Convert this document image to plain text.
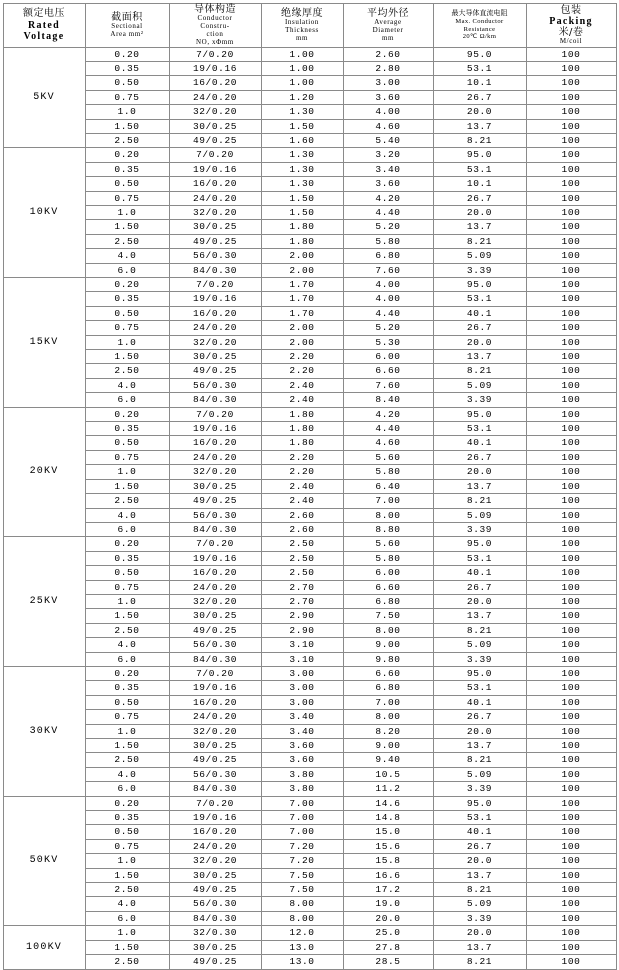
额定电压
Rated
Voltage	截面积
Sectional
Area mm²	导体构造
Conductor
Constru-
ction
NO, xΦmm	绝缘厚度
Insulation
Thickness
mm	平均外径
Average
Diameter
mm	最大导体直流电阻
Max. Conductor
Resistance
20℃ Ω/km	包装
Packing
米/卷
M/coil

5KV	0.20	7/0.20	1.00	2.60	95.0	100
	0.35	19/0.16	1.00	2.80	53.1	100
	0.50	16/0.20	1.00	3.00	10.1	100
	0.75	24/0.20	1.20	3.60	26.7	100
	1.0	32/0.20	1.30	4.00	20.0	100
	1.50	30/0.25	1.50	4.60	13.7	100
	2.50	49/0.25	1.60	5.40	8.21	100
10KV	0.20	7/0.20	1.30	3.20	95.0	100
	0.35	19/0.16	1.30	3.40	53.1	100
	0.50	16/0.20	1.30	3.60	10.1	100
	0.75	24/0.20	1.50	4.20	26.7	100
	1.0	32/0.20	1.50	4.40	20.0	100
	1.50	30/0.25	1.80	5.20	13.7	100
	2.50	49/0.25	1.80	5.80	8.21	100
	4.0	56/0.30	2.00	6.80	5.09	100
	6.0	84/0.30	2.00	7.60	3.39	100
15KV	0.20	7/0.20	1.70	4.00	95.0	100
	0.35	19/0.16	1.70	4.00	53.1	100
	0.50	16/0.20	1.70	4.40	40.1	100
	0.75	24/0.20	2.00	5.20	26.7	100
	1.0	32/0.20	2.00	5.30	20.0	100
	1.50	30/0.25	2.20	6.00	13.7	100
	2.50	49/0.25	2.20	6.60	8.21	100
	4.0	56/0.30	2.40	7.60	5.09	100
	6.0	84/0.30	2.40	8.40	3.39	100
20KV	0.20	7/0.20	1.80	4.20	95.0	100
	0.35	19/0.16	1.80	4.40	53.1	100
	0.50	16/0.20	1.80	4.60	40.1	100
	0.75	24/0.20	2.20	5.60	26.7	100
	1.0	32/0.20	2.20	5.80	20.0	100
	1.50	30/0.25	2.40	6.40	13.7	100
	2.50	49/0.25	2.40	7.00	8.21	100
	4.0	56/0.30	2.60	8.00	5.09	100
	6.0	84/0.30	2.60	8.80	3.39	100
25KV	0.20	7/0.20	2.50	5.60	95.0	100
	0.35	19/0.16	2.50	5.80	53.1	100
	0.50	16/0.20	2.50	6.00	40.1	100
	0.75	24/0.20	2.70	6.60	26.7	100
	1.0	32/0.20	2.70	6.80	20.0	100
	1.50	30/0.25	2.90	7.50	13.7	100
	2.50	49/0.25	2.90	8.00	8.21	100
	4.0	56/0.30	3.10	9.00	5.09	100
	6.0	84/0.30	3.10	9.80	3.39	100
30KV	0.20	7/0.20	3.00	6.60	95.0	100
	0.35	19/0.16	3.00	6.80	53.1	100
	0.50	16/0.20	3.00	7.00	40.1	100
	0.75	24/0.20	3.40	8.00	26.7	100
	1.0	32/0.20	3.40	8.20	20.0	100
	1.50	30/0.25	3.60	9.00	13.7	100
	2.50	49/0.25	3.60	9.40	8.21	100
	4.0	56/0.30	3.80	10.5	5.09	100
	6.0	84/0.30	3.80	11.2	3.39	100
50KV	0.20	7/0.20	7.00	14.6	95.0	100
	0.35	19/0.16	7.00	14.8	53.1	100
	0.50	16/0.20	7.00	15.0	40.1	100
	0.75	24/0.20	7.20	15.6	26.7	100
	1.0	32/0.20	7.20	15.8	20.0	100
	1.50	30/0.25	7.50	16.6	13.7	100
	2.50	49/0.25	7.50	17.2	8.21	100
	4.0	56/0.30	8.00	19.0	5.09	100
	6.0	84/0.30	8.00	20.0	3.39	100
100KV	1.0	32/0.30	12.0	25.0	20.0	100
	1.50	30/0.25	13.0	27.8	13.7	100
	2.50	49/0.25	13.0	28.5	8.21	100
